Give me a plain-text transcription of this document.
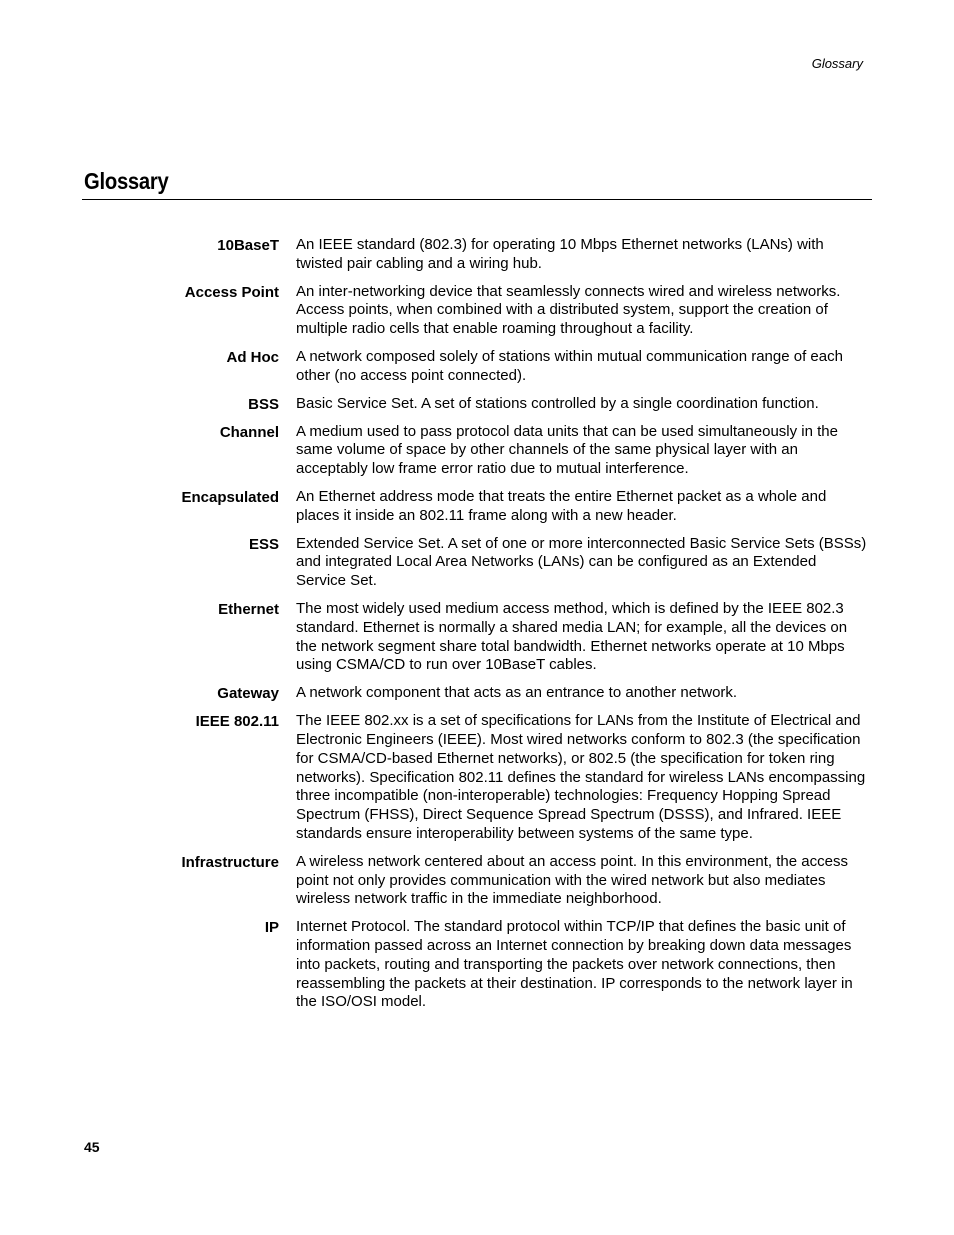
Glossary
Glossary
10BaseT An IEEE standard (802.3) for operating 10 Mbps Ethernet networks (LANs) with twisted pair cabling and a wiring hub.
Access Point An inter-networking device that seamlessly connects wired and wireless networks. Access points, when combined with a distributed system, support the creation of multiple radio cells that enable roaming throughout a facility.
Ad Hoc A network composed solely of stations within mutual communication range of each other (no access point connected).
BSS Basic Service Set. A set of stations controlled by a single coordination function.
Channel A medium used to pass protocol data units that can be used simultaneously in the same volume of space by other channels of the same physical layer with an acceptably low frame error ratio due to mutual interference.
Encapsulated An Ethernet address mode that treats the entire Ethernet packet as a whole and places it inside an 802.11 frame along with a new header.
ESS Extended Service Set. A set of one or more interconnected Basic Service Sets (BSSs) and integrated Local Area Networks (LANs) can be configured as an Extended Service Set.
Ethernet The most widely used medium access method, which is defined by the IEEE 802.3 standard. Ethernet is normally a shared media LAN; for example, all the devices on the network segment share total bandwidth. Ethernet networks operate at 10 Mbps using CSMA/CD to run over 10BaseT cables.
Gateway A network component that acts as an entrance to another network.
IEEE 802.11 The IEEE 802.xx is a set of specifications for LANs from the Institute of Electrical and Electronic Engineers (IEEE). Most wired networks conform to 802.3 (the specification for CSMA/CD-based Ethernet networks), or 802.5 (the specification for token ring networks). Specification 802.11 defines the standard for wireless LANs encompassing three incompatible (non-interoperable) technologies: Frequency Hopping Spread Spectrum (FHSS), Direct Sequence Spread Spectrum (DSSS), and Infrared. IEEE standards ensure interoperability between systems of the same type.
Infrastructure A wireless network centered about an access point. In this environment, the access point not only provides communication with the wired network but also mediates wireless network traffic in the immediate neighborhood.
IP Internet Protocol. The standard protocol within TCP/IP that defines the basic unit of information passed across an Internet connection by breaking down data messages into packets, routing and transporting the packets over network connections, then reassembling the packets at their destination. IP corresponds to the network layer in the ISO/OSI model.
45
